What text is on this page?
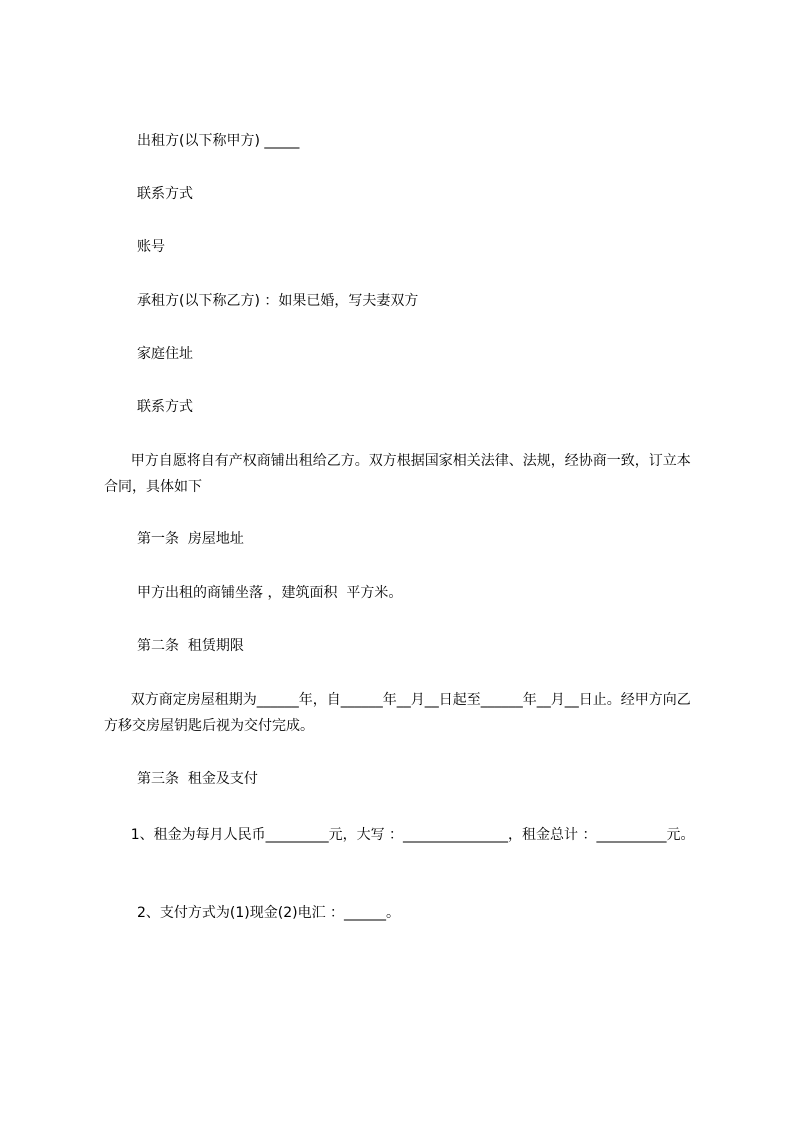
出租方(以下称甲方) _____

联系方式

账号

承租方(以下称乙方) ：如果已婚，写夫妻双方

家庭住址

联系方式

甲方自愿将自有产权商铺出租给乙方。双方根据国家相关法律、法规，经协商一致，订立本合同，具体如下

第一条  房屋地址

甲方出租的商铺坐落 ，建筑面积  平方米。

第二条  租赁期限

双方商定房屋租期为______年，自______年__月__日起至______年__月__日止。经甲方向乙方移交房屋钥匙后视为交付完成。

第三条  租金及支付

1、租金为每月人民币_________元，大写 ：_______________，租金总计 ：__________元。

2、支付方式为(1)现金(2)电汇 ：______。
